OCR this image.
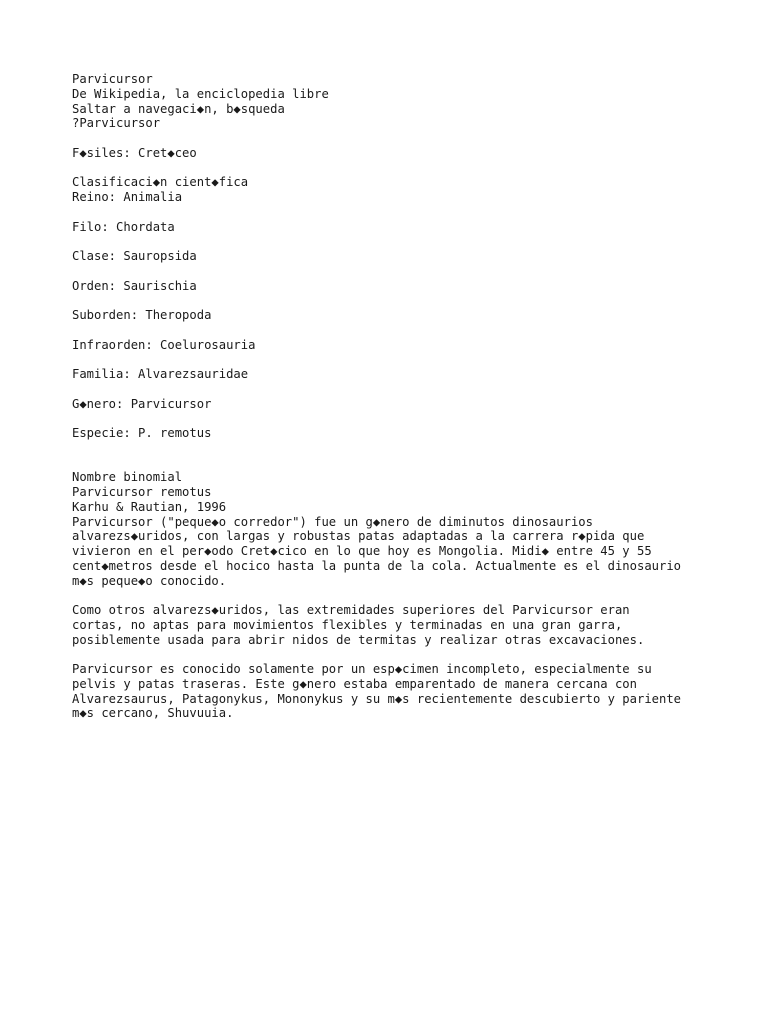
Parvicursor
De Wikipedia, la enciclopedia libre
Saltar a navegaci◆n, b◆squeda
?Parvicursor
F◆siles: Cret◆ceo
Clasificaci◆n cient◆fica
Reino: Animalia
Filo: Chordata
Clase: Sauropsida
Orden: Saurischia
Suborden: Theropoda
Infraorden: Coelurosauria
Familia: Alvarezsauridae
G◆nero: Parvicursor
Especie: P. remotus
Nombre binomial
Parvicursor remotus
Karhu & Rautian, 1996
Parvicursor ("peque◆o corredor") fue un g◆nero de diminutos dinosaurios
alvarezs◆uridos, con largas y robustas patas adaptadas a la carrera r◆pida que
vivieron en el per◆odo Cret◆cico en lo que hoy es Mongolia. Midi◆ entre 45 y 55
cent◆metros desde el hocico hasta la punta de la cola. Actualmente es el dinosaurio
m◆s peque◆o conocido.
Como otros alvarezs◆uridos, las extremidades superiores del Parvicursor eran
cortas, no aptas para movimientos flexibles y terminadas en una gran garra,
posiblemente usada para abrir nidos de termitas y realizar otras excavaciones.
Parvicursor es conocido solamente por un esp◆cimen incompleto, especialmente su
pelvis y patas traseras. Este g◆nero estaba emparentado de manera cercana con
Alvarezsaurus, Patagonykus, Mononykus y su m◆s recientemente descubierto y pariente
m◆s cercano, Shuvuuia.
